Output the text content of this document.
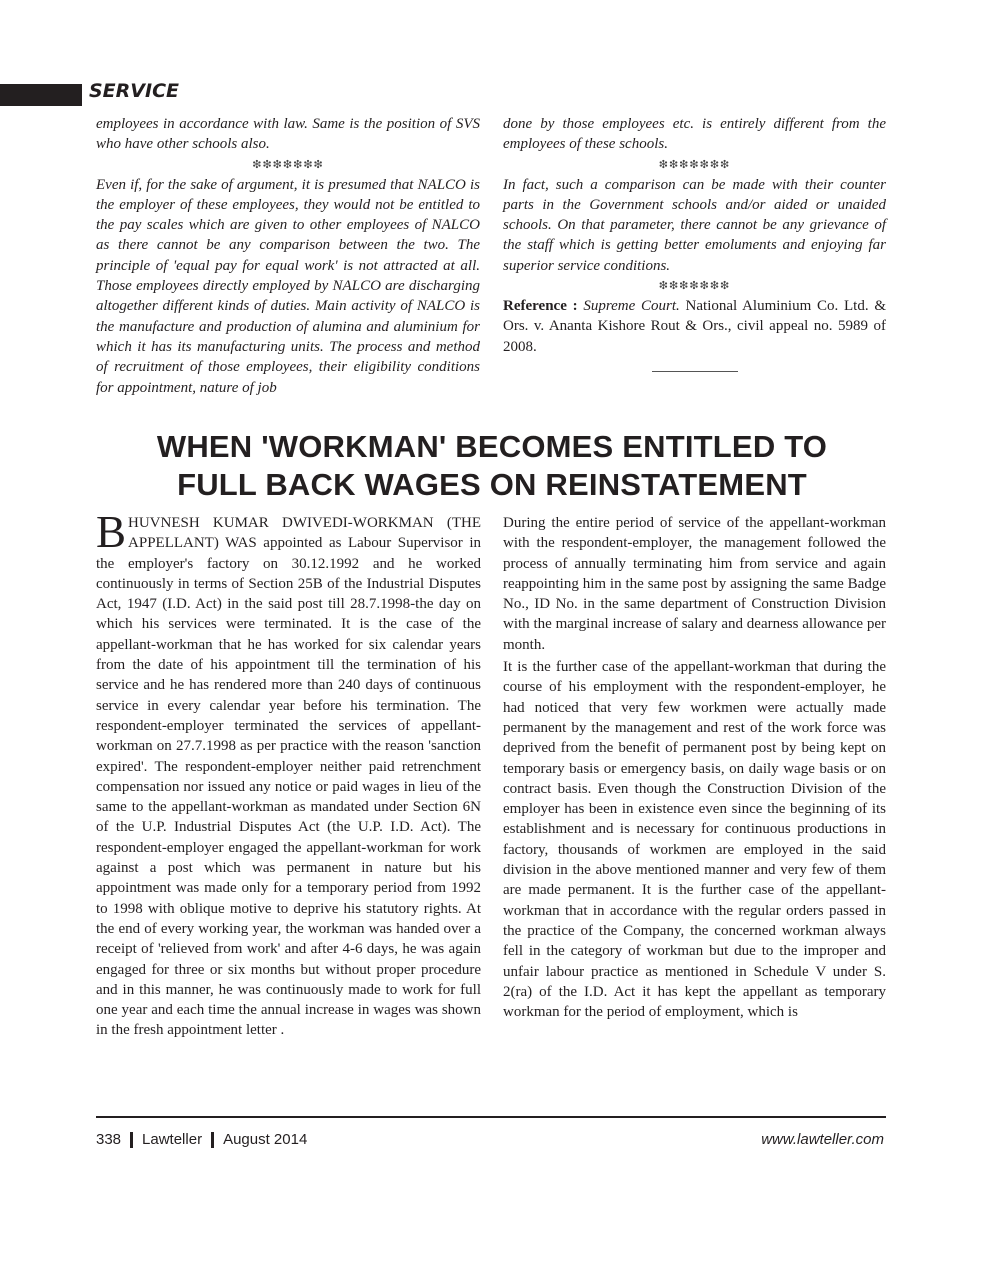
SERVICE

employees in accordance with law. Same is the position of SVS who have other schools also.

❇❇❇❇❇❇❇

Even if, for the sake of argument, it is presumed that NALCO is the employer of these employees, they would not be entitled to the pay scales which are given to other employees of NALCO as there cannot be any comparison between the two. The principle of 'equal pay for equal work' is not attracted at all. Those employees directly employed by NALCO are discharging altogether different kinds of duties. Main activity of NALCO is the manufacture and production of alumina and aluminium for which it has its manufacturing units. The process and method of recruitment of those employees, their eligibility conditions for appointment, nature of job

done by those employees etc. is entirely different from the employees of these schools.

❇❇❇❇❇❇❇

In fact, such a comparison can be made with their counter parts in the Government schools and/or aided or unaided schools. On that parameter, there cannot be any grievance of the staff which is getting better emoluments and enjoying far superior service conditions.

❇❇❇❇❇❇❇

Reference : Supreme Court. National Aluminium Co. Ltd. & Ors. v. Ananta Kishore Rout & Ors., civil appeal no. 5989 of 2008.

WHEN 'WORKMAN' BECOMES ENTITLED TO
FULL BACK WAGES ON REINSTATEMENT

BHUVNESH KUMAR DWIVEDI-WORKMAN (THE APPELLANT) WAS appointed as Labour Supervisor in the employer's factory on 30.12.1992 and he worked continuously in terms of Section 25B of the Industrial Disputes Act, 1947 (I.D. Act) in the said post till 28.7.1998-the day on which his services were terminated. It is the case of the appellant-workman that he has worked for six calendar years from the date of his appointment till the termination of his service and he has rendered more than 240 days of continuous service in every calendar year before his termination. The respondent-employer terminated the services of appellant-workman on 27.7.1998 as per practice with the reason 'sanction expired'. The respondent-employer neither paid retrenchment compensation nor issued any notice or paid wages in lieu of the same to the appellant-workman as mandated under Section 6N of the U.P. Industrial Disputes Act (the U.P. I.D. Act). The respondent-employer engaged the appellant-workman for work against a post which was permanent in nature but his appointment was made only for a temporary period from 1992 to 1998 with oblique motive to deprive his statutory rights. At the end of every working year, the workman was handed over a receipt of 'relieved from work' and after 4-6 days, he was again engaged for three or six months but without proper procedure and in this manner, he was continuously made to work for full one year and each time the annual increase in wages was shown in the fresh appointment letter .

During the entire period of service of the appellant-workman with the respondent-employer, the management followed the process of annually terminating him from service and again reappointing him in the same post by assigning the same Badge No., ID No. in the same department of Construction Division with the marginal increase of salary and dearness allowance per month.

It is the further case of the appellant-workman that during the course of his employment with the respondent-employer, he had noticed that very few workmen were actually made permanent by the management and rest of the work force was deprived from the benefit of permanent post by being kept on temporary basis or emergency basis, on daily wage basis or on contract basis. Even though the Construction Division of the employer has been in existence even since the beginning of its establishment and is necessary for continuous productions in factory, thousands of workmen are employed in the said division in the above mentioned manner and very few of them are made permanent. It is the further case of the appellant-workman that in accordance with the regular orders passed in the practice of the Company, the concerned workman always fell in the category of workman but due to the improper and unfair labour practice as mentioned in Schedule V under S. 2(ra) of the I.D. Act it has kept the appellant as temporary workman for the period of employment, which is

338 Lawteller August 2014	www.lawteller.com
